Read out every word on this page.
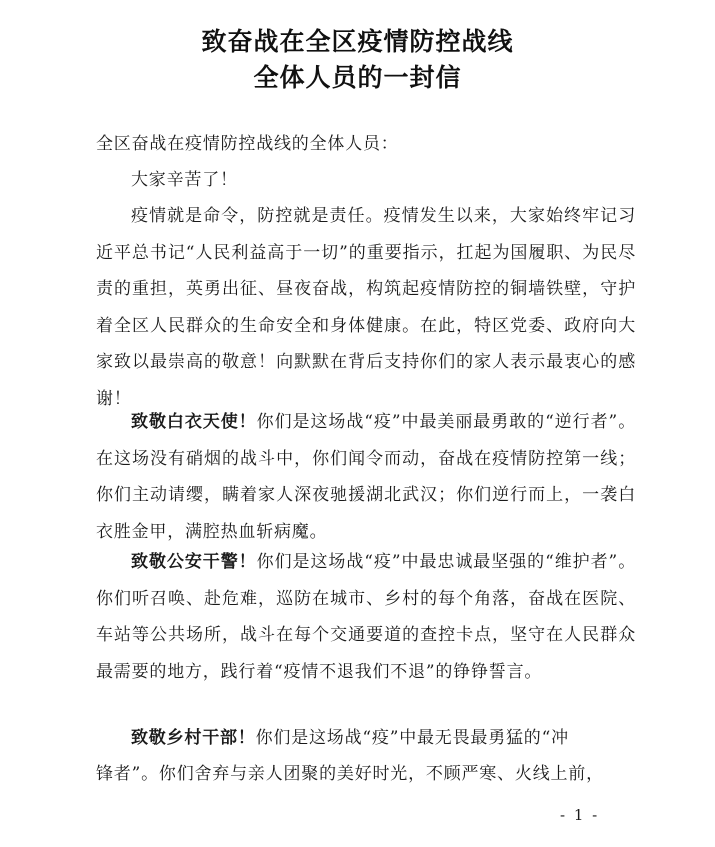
致奋战在全区疫情防控战线
全体人员的一封信
全区奋战在疫情防控战线的全体人员：
大家辛苦了！
疫情就是命令，防控就是责任。疫情发生以来，大家始终牢记习近平总书记“人民利益高于一切”的重要指示，扛起为国履职、为民尽责的重担，英勇出征、昼夜奋战，构筑起疫情防控的铜墙铁壁，守护着全区人民群众的生命安全和身体健康。在此，特区党委、政府向大家致以最崇高的敬意！向默默在背后支持你们的家人表示最衷心的感谢！
致敬白衣天使！你们是这场战“疫”中最美丽最勇敢的“逆行者”。在这场没有硝烟的战斗中，你们闻令而动，奋战在疫情防控第一线；你们主动请缨，瞒着家人深夜驰援湖北武汉；你们逆行而上，一袭白衣胜金甲，满腔热血斩病魔。
致敬公安干警！你们是这场战“疫”中最忠诚最坚强的“维护者”。你们听召唤、赴危难，巡防在城市、乡村的每个角落，奋战在医院、车站等公共场所，战斗在每个交通要道的查控卡点，坚守在人民群众最需要的地方，践行着“疫情不退我们不退”的铮铮誓言。
致敬乡村干部！你们是这场战“疫”中最无畏最勇猛的“冲
锋者”。你们舍弃与亲人团聚的美好时光，不顾严寒、火线上前，
- 1 -
